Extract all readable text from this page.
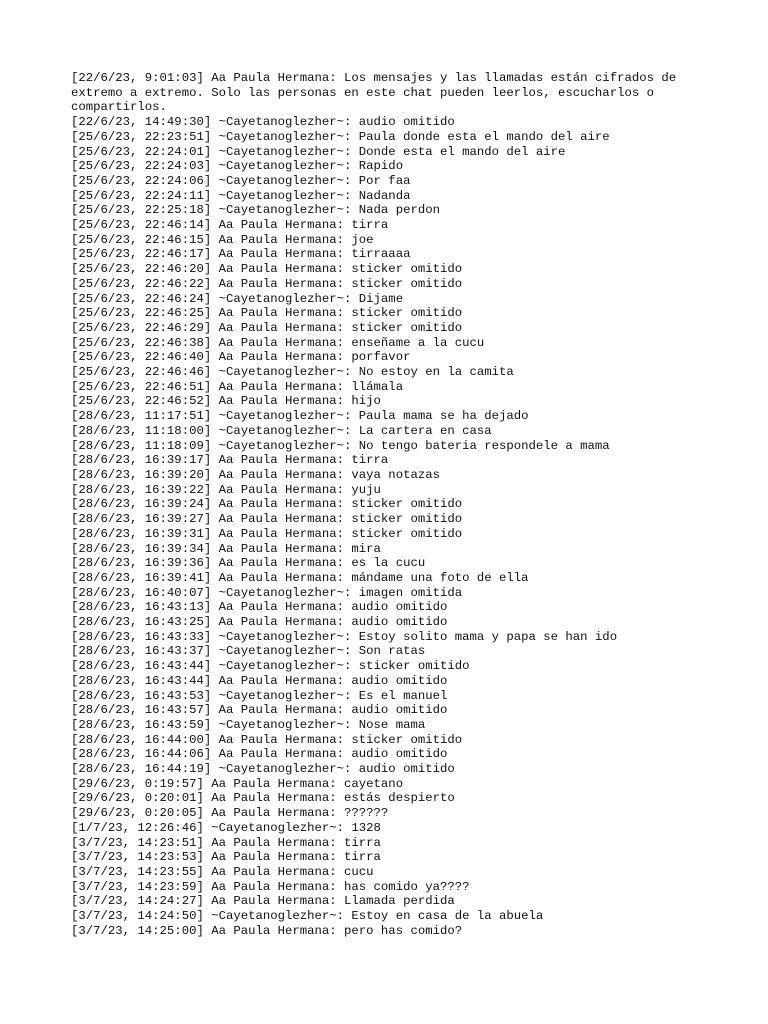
[22/6/23, 9:01:03] Aa Paula Hermana: Los mensajes y las llamadas están cifrados de
extremo a extremo. Solo las personas en este chat pueden leerlos, escucharlos o
compartirlos.
[22/6/23, 14:49:30] ~Cayetanoglezher~: audio omitido
[25/6/23, 22:23:51] ~Cayetanoglezher~: Paula donde esta el mando del aire
[25/6/23, 22:24:01] ~Cayetanoglezher~: Donde esta el mando del aire
[25/6/23, 22:24:03] ~Cayetanoglezher~: Rapido
[25/6/23, 22:24:06] ~Cayetanoglezher~: Por faa
[25/6/23, 22:24:11] ~Cayetanoglezher~: Nadanda
[25/6/23, 22:25:18] ~Cayetanoglezher~: Nada perdon
[25/6/23, 22:46:14] Aa Paula Hermana: tirra
[25/6/23, 22:46:15] Aa Paula Hermana: joe
[25/6/23, 22:46:17] Aa Paula Hermana: tirraaaa
[25/6/23, 22:46:20] Aa Paula Hermana: sticker omitido
[25/6/23, 22:46:22] Aa Paula Hermana: sticker omitido
[25/6/23, 22:46:24] ~Cayetanoglezher~: Dijame
[25/6/23, 22:46:25] Aa Paula Hermana: sticker omitido
[25/6/23, 22:46:29] Aa Paula Hermana: sticker omitido
[25/6/23, 22:46:38] Aa Paula Hermana: enseñame a la cucu
[25/6/23, 22:46:40] Aa Paula Hermana: porfavor
[25/6/23, 22:46:46] ~Cayetanoglezher~: No estoy en la camita
[25/6/23, 22:46:51] Aa Paula Hermana: llámala
[25/6/23, 22:46:52] Aa Paula Hermana: hijo
[28/6/23, 11:17:51] ~Cayetanoglezher~: Paula mama se ha dejado
[28/6/23, 11:18:00] ~Cayetanoglezher~: La cartera en casa
[28/6/23, 11:18:09] ~Cayetanoglezher~: No tengo bateria respondele a mama
[28/6/23, 16:39:17] Aa Paula Hermana: tirra
[28/6/23, 16:39:20] Aa Paula Hermana: vaya notazas
[28/6/23, 16:39:22] Aa Paula Hermana: yuju
[28/6/23, 16:39:24] Aa Paula Hermana: sticker omitido
[28/6/23, 16:39:27] Aa Paula Hermana: sticker omitido
[28/6/23, 16:39:31] Aa Paula Hermana: sticker omitido
[28/6/23, 16:39:34] Aa Paula Hermana: mira
[28/6/23, 16:39:36] Aa Paula Hermana: es la cucu
[28/6/23, 16:39:41] Aa Paula Hermana: mándame una foto de ella
[28/6/23, 16:40:07] ~Cayetanoglezher~: imagen omitida
[28/6/23, 16:43:13] Aa Paula Hermana: audio omitido
[28/6/23, 16:43:25] Aa Paula Hermana: audio omitido
[28/6/23, 16:43:33] ~Cayetanoglezher~: Estoy solito mama y papa se han ido
[28/6/23, 16:43:37] ~Cayetanoglezher~: Son ratas
[28/6/23, 16:43:44] ~Cayetanoglezher~: sticker omitido
[28/6/23, 16:43:44] Aa Paula Hermana: audio omitido
[28/6/23, 16:43:53] ~Cayetanoglezher~: Es el manuel
[28/6/23, 16:43:57] Aa Paula Hermana: audio omitido
[28/6/23, 16:43:59] ~Cayetanoglezher~: Nose mama
[28/6/23, 16:44:00] Aa Paula Hermana: sticker omitido
[28/6/23, 16:44:06] Aa Paula Hermana: audio omitido
[28/6/23, 16:44:19] ~Cayetanoglezher~: audio omitido
[29/6/23, 0:19:57] Aa Paula Hermana: cayetano
[29/6/23, 0:20:01] Aa Paula Hermana: estás despierto
[29/6/23, 0:20:05] Aa Paula Hermana: ??????
[1/7/23, 12:26:46] ~Cayetanoglezher~: 1328
[3/7/23, 14:23:51] Aa Paula Hermana: tirra
[3/7/23, 14:23:53] Aa Paula Hermana: tirra
[3/7/23, 14:23:55] Aa Paula Hermana: cucu
[3/7/23, 14:23:59] Aa Paula Hermana: has comido ya????
[3/7/23, 14:24:27] Aa Paula Hermana: Llamada perdida
[3/7/23, 14:24:50] ~Cayetanoglezher~: Estoy en casa de la abuela
[3/7/23, 14:25:00] Aa Paula Hermana: pero has comido?
